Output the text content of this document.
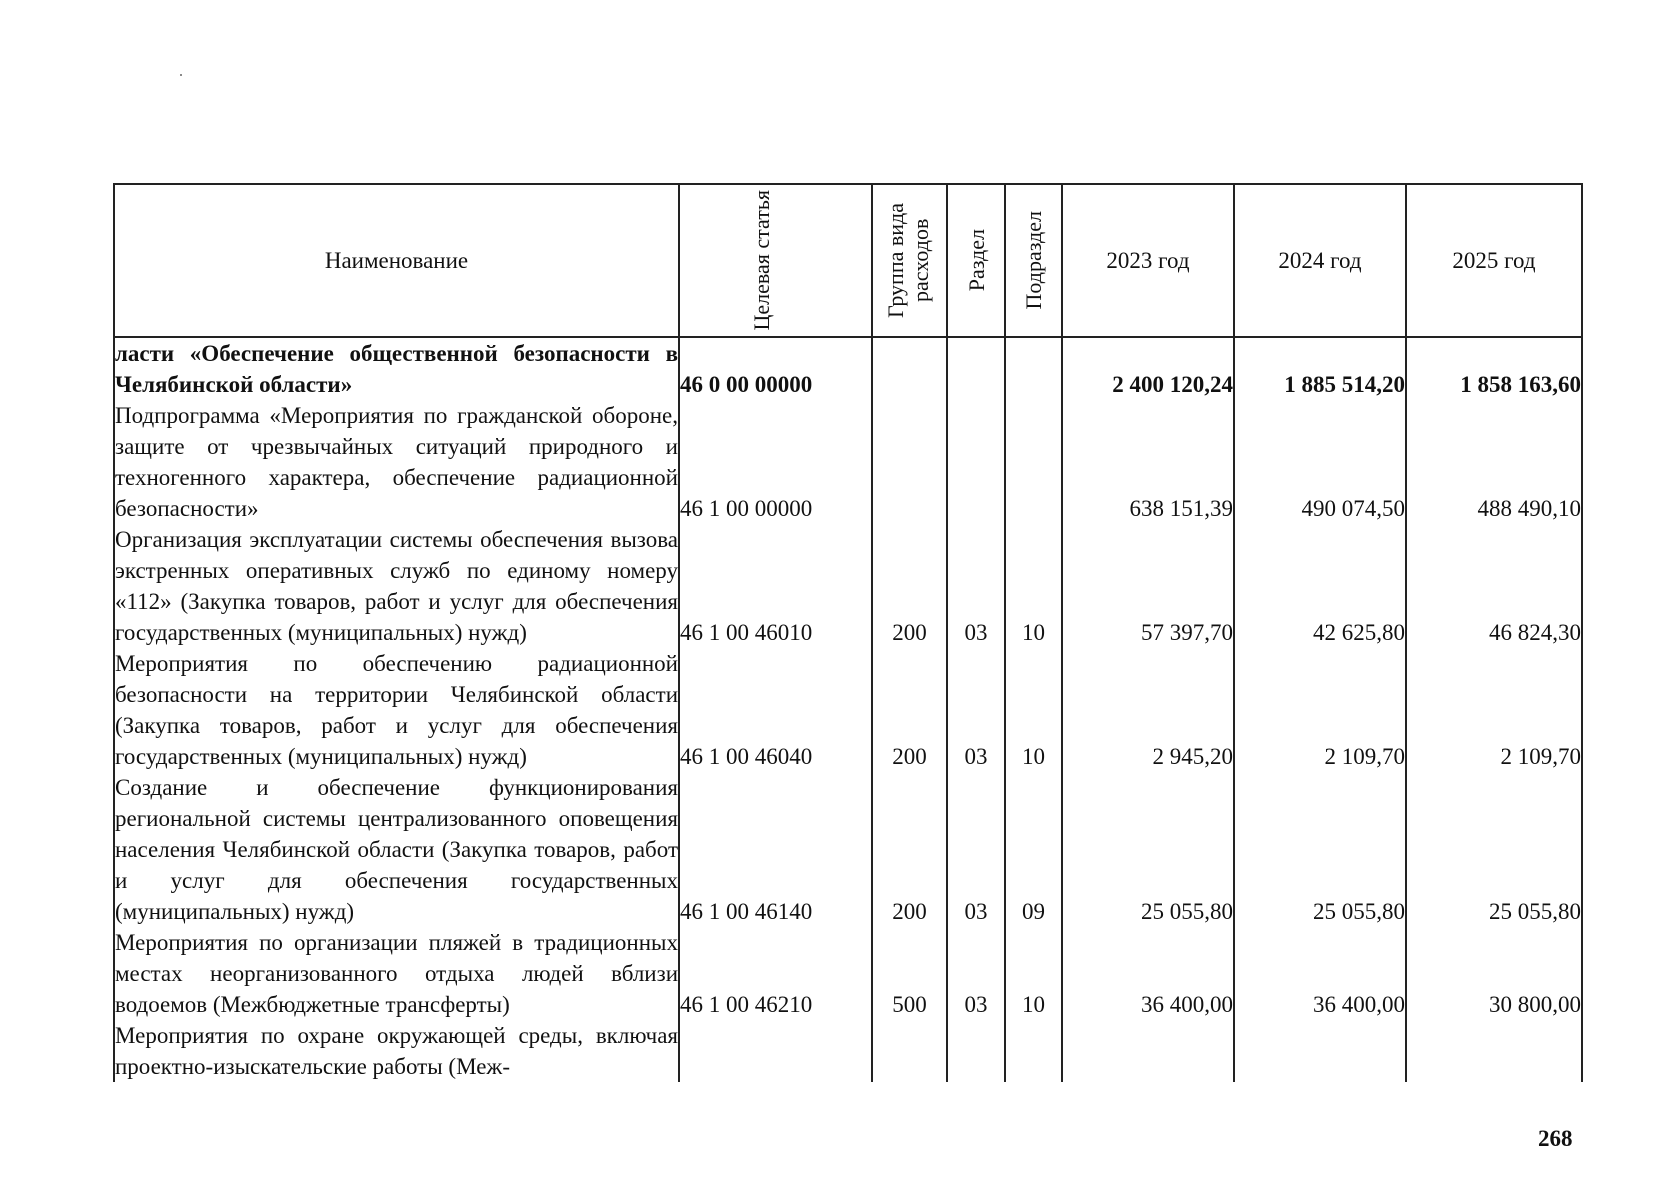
Наименование	Целевая статья	Группа вида расходов	Раздел	Подраздел	2023 год	2024 год	2025 год
ласти «Обеспечение общественной безопасности в Челябинской области»	46 0 00 00000				2 400 120,24	1 885 514,20	1 858 163,60
Подпрограмма «Мероприятия по гражданской обороне, защите от чрезвычайных ситуаций природного и техногенного характера, обеспечение радиационной безопасности»	46 1 00 00000				638 151,39	490 074,50	488 490,10
Организация эксплуатации системы обеспечения вызова экстренных оперативных служб по единому номеру «112» (Закупка товаров, работ и услуг для обеспечения государственных (муниципальных) нужд)	46 1 00 46010	200	03	10	57 397,70	42 625,80	46 824,30
Мероприятия по обеспечению радиационной безопасности на территории Челябинской области (Закупка товаров, работ и услуг для обеспечения государственных (муниципальных) нужд)	46 1 00 46040	200	03	10	2 945,20	2 109,70	2 109,70
Создание и обеспечение функционирования региональной системы централизованного оповещения населения Челябинской области (Закупка товаров, работ и услуг для обеспечения государственных (муниципальных) нужд)	46 1 00 46140	200	03	09	25 055,80	25 055,80	25 055,80
Мероприятия по организации пляжей в традиционных местах неорганизованного отдыха людей вблизи водоемов (Межбюджетные трансферты)	46 1 00 46210	500	03	10	36 400,00	36 400,00	30 800,00
Мероприятия по охране окружающей среды, включая проектно-изыскательские работы (Меж-							
268
